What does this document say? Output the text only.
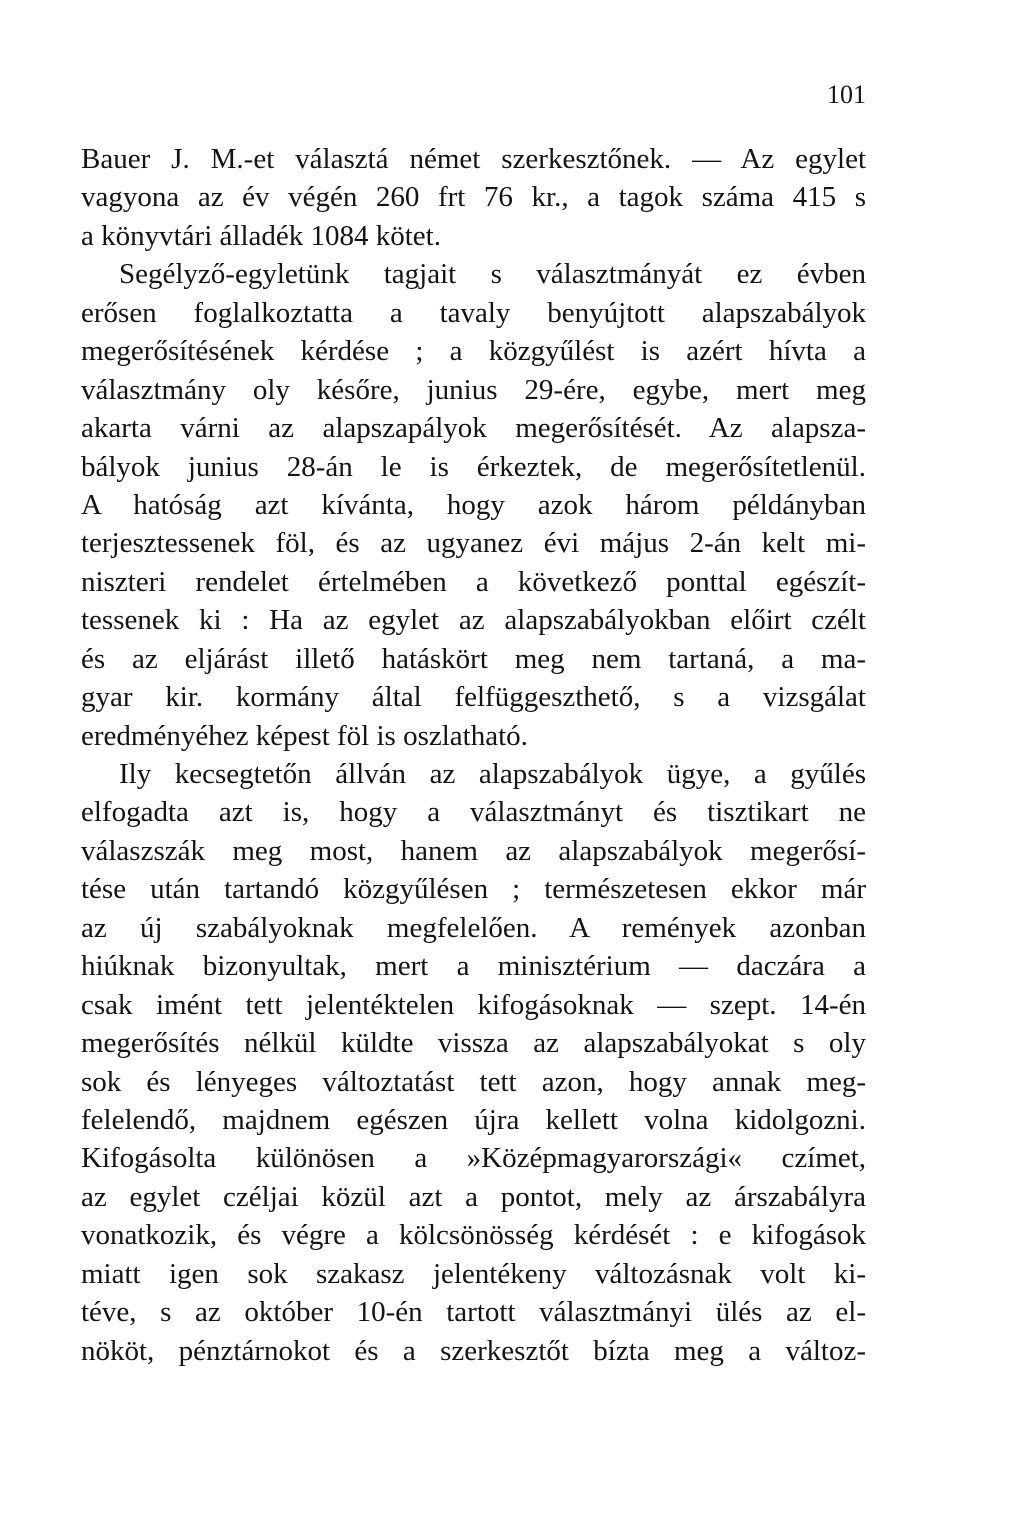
101
Bauer J. M.-et választá német szerkesztőnek. — Az egylet
vagyona az év végén 260 frt 76 kr., a tagok száma 415 s
a könyvtári álladék 1084 kötet.
Segélyző-egyletünk tagjait s választmányát ez évben
erősen foglalkoztatta a tavaly benyújtott alapszabályok
megerősítésének kérdése ; a közgyűlést is azért hívta a
választmány oly későre, junius 29-ére, egybe, mert meg
akarta várni az alapszapályok megerősítését. Az alapsza-
bályok junius 28-án le is érkeztek, de megerősítetlenül.
A hatóság azt kívánta, hogy azok három példányban
terjesztessenek föl, és az ugyanez évi május 2-án kelt mi-
niszteri rendelet értelmében a következő ponttal egészít-
tessenek ki : Ha az egylet az alapszabályokban előirt czélt
és az eljárást illető hatáskört meg nem tartaná, a ma-
gyar kir. kormány által felfüggeszthető, s a vizsgálat
eredményéhez képest föl is oszlatható.
Ily kecsegtetőn állván az alapszabályok ügye, a gyűlés
elfogadta azt is, hogy a választmányt és tisztikart ne
válaszszák meg most, hanem az alapszabályok megerősí-
tése után tartandó közgyűlésen ; természetesen ekkor már
az új szabályoknak megfelelően. A remények azonban
hiúknak bizonyultak, mert a minisztérium — daczára a
csak imént tett jelentéktelen kifogásoknak — szept. 14-én
megerősítés nélkül küldte vissza az alapszabályokat s oly
sok és lényeges változtatást tett azon, hogy annak meg-
felelendő, majdnem egészen újra kellett volna kidolgozni.
Kifogásolta különösen a »Középmagyarországi« czímet,
az egylet czéljai közül azt a pontot, mely az árszabályra
vonatkozik, és végre a kölcsönösség kérdését : e kifogások
miatt igen sok szakasz jelentékeny változásnak volt ki-
téve, s az október 10-én tartott választmányi ülés az el-
nököt, pénztárnokot és a szerkesztőt bízta meg a változ-
